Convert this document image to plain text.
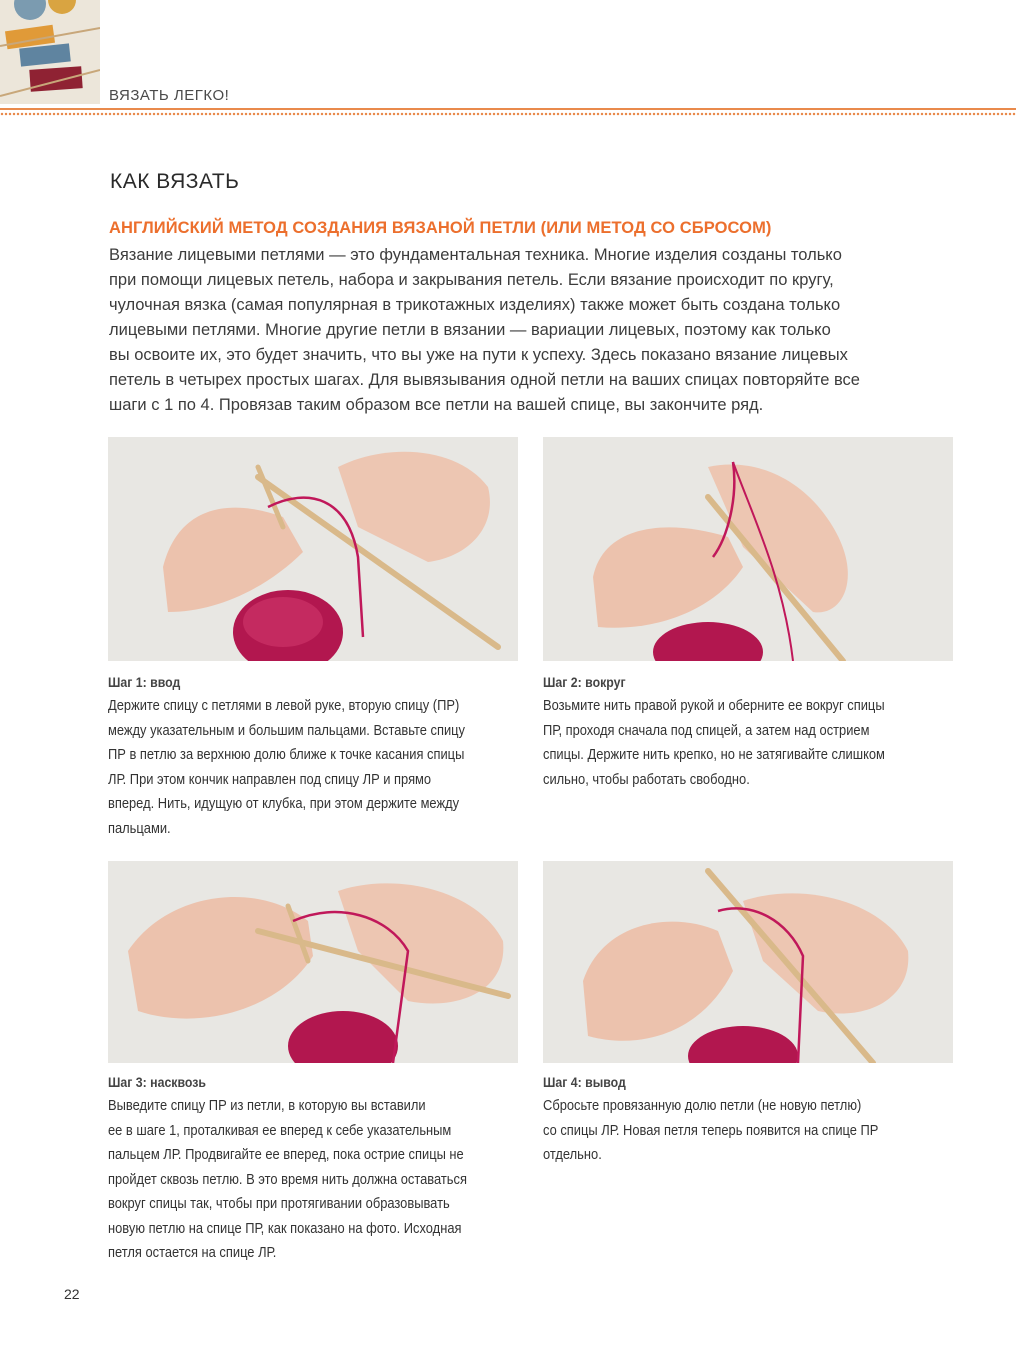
ВЯЗАТЬ ЛЕГКО!
КАК ВЯЗАТЬ
АНГЛИЙСКИЙ МЕТОД СОЗДАНИЯ ВЯЗАНОЙ ПЕТЛИ (ИЛИ МЕТОД СО СБРОСОМ)
Вязание лицевыми петлями — это фундаментальная техника. Многие изделия созданы только
при помощи лицевых петель, набора и закрывания петель. Если вязание происходит по кругу,
чулочная вязка (самая популярная в трикотажных изделиях) также может быть создана только
лицевыми петлями. Многие другие петли в вязании — вариации лицевых, поэтому как только
вы освоите их, это будет значить, что вы уже на пути к успеху. Здесь показано вязание лицевых
петель в четырех простых шагах. Для вывязывания одной петли на ваших спицах повторяйте все
шаги с 1 по 4. Провязав таким образом все петли на вашей спице, вы закончите ряд.
Шаг 1: ввод
Держите спицу с петлями в левой руке, вторую спицу (ПР)
между указательным и большим пальцами. Вставьте спицу
ПР в петлю за верхнюю долю ближе к точке касания спицы
ЛР. При этом кончик направлен под спицу ЛР и прямо
вперед. Нить, идущую от клубка, при этом держите между
пальцами.
Шаг 2: вокруг
Возьмите нить правой рукой и оберните ее вокруг спицы
ПР, проходя сначала под спицей, а затем над острием
спицы. Держите нить крепко, но не затягивайте слишком
сильно, чтобы работать свободно.
Шаг 3: насквозь
Выведите спицу ПР из петли, в которую вы вставили
ее в шаге 1, проталкивая ее вперед к себе указательным
пальцем ЛР. Продвигайте ее вперед, пока острие спицы не
пройдет сквозь петлю. В это время нить должна оставаться
вокруг спицы так, чтобы при протягивании образовывать
новую петлю на спице ПР, как показано на фото. Исходная
петля остается на спице ЛР.
Шаг 4: вывод
Сбросьте провязанную долю петли (не новую петлю)
со спицы ЛР. Новая петля теперь появится на спице ПР
отдельно.
22
